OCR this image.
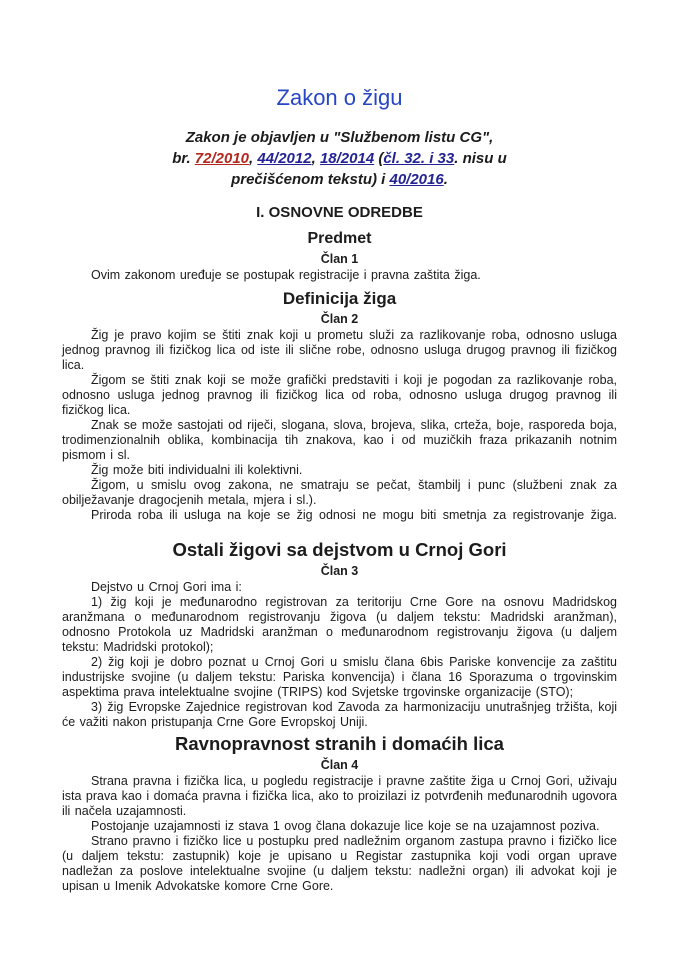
Zakon o žigu
Zakon je objavljen u "Službenom listu CG",
br. 72/2010, 44/2012, 18/2014 (čl. 32. i 33. nisu u
prečišćenom tekstu) i 40/2016.
I. OSNOVNE ODREDBE
Predmet
Član 1

Ovim zakonom uređuje se postupak registracije i pravna zaštita žiga.

Definicija žiga
Član 2

Žig je pravo kojim se štiti znak koji u prometu služi za razlikovanje roba, odnosno usluga jednog pravnog ili fizičkog lica od iste ili slične robe, odnosno usluga drugog pravnog ili fizičkog lica.

Žigom se štiti znak koji se može grafički predstaviti i koji je pogodan za razlikovanje roba, odnosno usluga jednog pravnog ili fizičkog lica od roba, odnosno usluga drugog pravnog ili fizičkog lica.

Znak se može sastojati od riječi, slogana, slova, brojeva, slika, crteža, boje, rasporeda boja, trodimenzionalnih oblika, kombinacija tih znakova, kao i od muzičkih fraza prikazanih notnim pismom i sl.

Žig može biti individualni ili kolektivni.

Žigom, u smislu ovog zakona, ne smatraju se pečat, štambilj i punc (službeni znak za obilježavanje dragocjenih metala, mjera i sl.).

Priroda roba ili usluga na koje se žig odnosi ne mogu biti smetnja za registrovanje žiga.

Ostali žigovi sa dejstvom u Crnoj Gori
Član 3

Dejstvo u Crnoj Gori ima i:

1) žig koji je međunarodno registrovan za teritoriju Crne Gore na osnovu Madridskog aranžmana o međunarodnom registrovanju žigova (u daljem tekstu: Madridski aranžman), odnosno Protokola uz Madridski aranžman o međunarodnom registrovanju žigova (u daljem tekstu: Madridski protokol);

2) žig koji je dobro poznat u Crnoj Gori u smislu člana 6bis Pariske konvencije za zaštitu industrijske svojine (u daljem tekstu: Pariska konvencija) i člana 16 Sporazuma o trgovinskim aspektima prava intelektualne svojine (TRIPS) kod Svjetske trgovinske organizacije (STO);

3) žig Evropske Zajednice registrovan kod Zavoda za harmonizaciju unutrašnjeg tržišta, koji će važiti nakon pristupanja Crne Gore Evropskoj Uniji.

Ravnopravnost stranih i domaćih lica
Član 4

Strana pravna i fizička lica, u pogledu registracije i pravne zaštite žiga u Crnoj Gori, uživaju ista prava kao i domaća pravna i fizička lica, ako to proizilazi iz potvrđenih međunarodnih ugovora ili načela uzajamnosti.

Postojanje uzajamnosti iz stava 1 ovog člana dokazuje lice koje se na uzajamnost poziva.

Strano pravno i fizičko lice u postupku pred nadležnim organom zastupa pravno i fizičko lice (u daljem tekstu: zastupnik) koje je upisano u Registar zastupnika koji vodi organ uprave nadležan za poslove intelektualne svojine (u daljem tekstu: nadležni organ) ili advokat koji je upisan u Imenik Advokatske komore Crne Gore.
